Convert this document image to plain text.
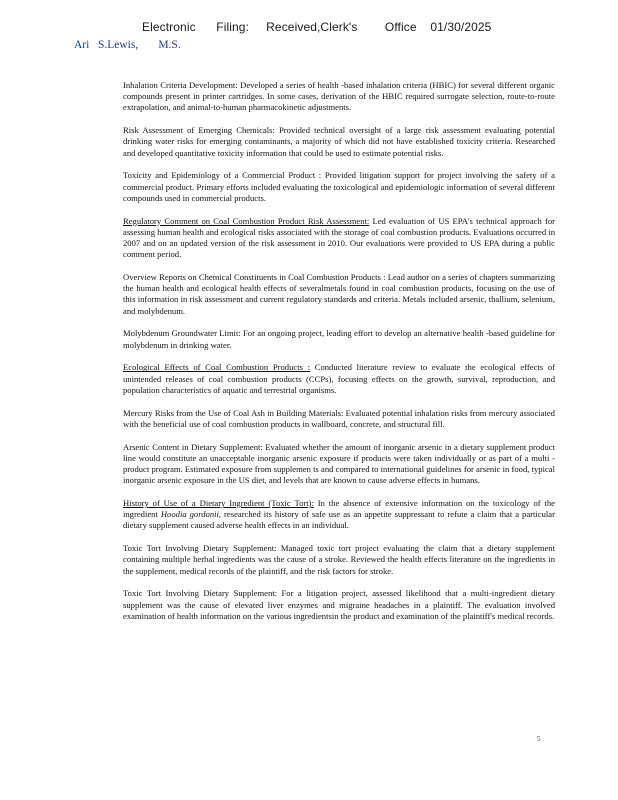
Electronic      Filing:     Received,Clerk's        Office    01/30/2025
Ari   S.Lewis,       M.S.

Inhalation Criteria Development: Developed a series of health -based inhalation criteria (HBIC) for several different organic compounds present in printer cartridges. In some cases, derivation of the HBIC required surrogate selection, route-to-route extrapolation, and animal-to-human pharmacokinetic adjustments.

Risk Assessment of Emerging Chemicals: Provided technical oversight of a large risk assessment evaluating potential drinking water risks for emerging contaminants, a majority of which did not have established toxicity criteria. Researched and developed quantitative toxicity information that could be used to estimate potential risks.

Toxicity and Epidemiology of a Commercial Product : Provided litigation support for project involving the safety of a commercial product. Primary efforts included evaluating the toxicological and epidemiologic information of several different compounds used in commercial products.

Regulatory Comment on Coal Combustion Product Risk Assessment: Led evaluation of US EPA's technical approach for assessing human health and ecological risks associated with the storage of coal combustion products. Evaluations occurred in 2007 and on an updated version of the risk assessment in 2010. Our evaluations were provided to US EPA during a public comment period.

Overview Reports on Chemical Constituents in Coal Combustion Products : Lead author on a series of chapters summarizing the human health and ecological health effects of severalmetals found in coal combustion products, focusing on the use of this information in risk assessment and current regulatory standards and criteria. Metals included arsenic, thallium, selenium, and molybdenum.

Molybdenum Groundwater Limit: For an ongoing project, leading effort to develop an alternative health -based guideline for molybdenum in drinking water.

Ecological Effects of Coal Combustion Products : Conducted literature review to evaluate the ecological effects of unintended releases of coal combustion products (CCPs), focusing effects on the growth, survival, reproduction, and population characteristics of aquatic and terrestrial organisms.

Mercury Risks from the Use of Coal Ash in Building Materials: Evaluated potential inhalation risks from mercury associated with the beneficial use of coal combustion products in wallboard, concrete, and structural fill.

Arsenic Content in Dietary Supplement: Evaluated whether the amount of inorganic arsenic in a dietary supplement product line would constitute an unacceptable inorganic arsenic exposure if products were taken individually or as part of a multi -product program. Estimated exposure from supplemen ts and compared to international guidelines for arsenic in food, typical inorganic arsenic exposure in the US diet, and levels that are known to cause adverse effects in humans.

History of Use of a Dietary Ingredient (Toxic Tort): In the absence of extensive information on the toxicology of the ingredient Hoodia gordonii, researched its history of safe use as an appetite suppressant to refute a claim that a particular dietary supplement caused adverse health effects in an individual.

Toxic Tort Involving Dietary Supplement: Managed toxic tort project evaluating the claim that a dietary supplement containing multiple herbal ingredients was the cause of a stroke. Reviewed the health effects literature on the ingredients in the supplement, medical records of the plaintiff, and the risk factors for stroke.

Toxic Tort Involving Dietary Supplement: For a litigation project, assessed likelihood that a multi-ingredient dietary supplement was the cause of elevated liver enzymes and migraine headaches in a plaintiff. The evaluation involved examination of health information on the various ingredientsin the product and examination of the plaintiff's medical records.

5
